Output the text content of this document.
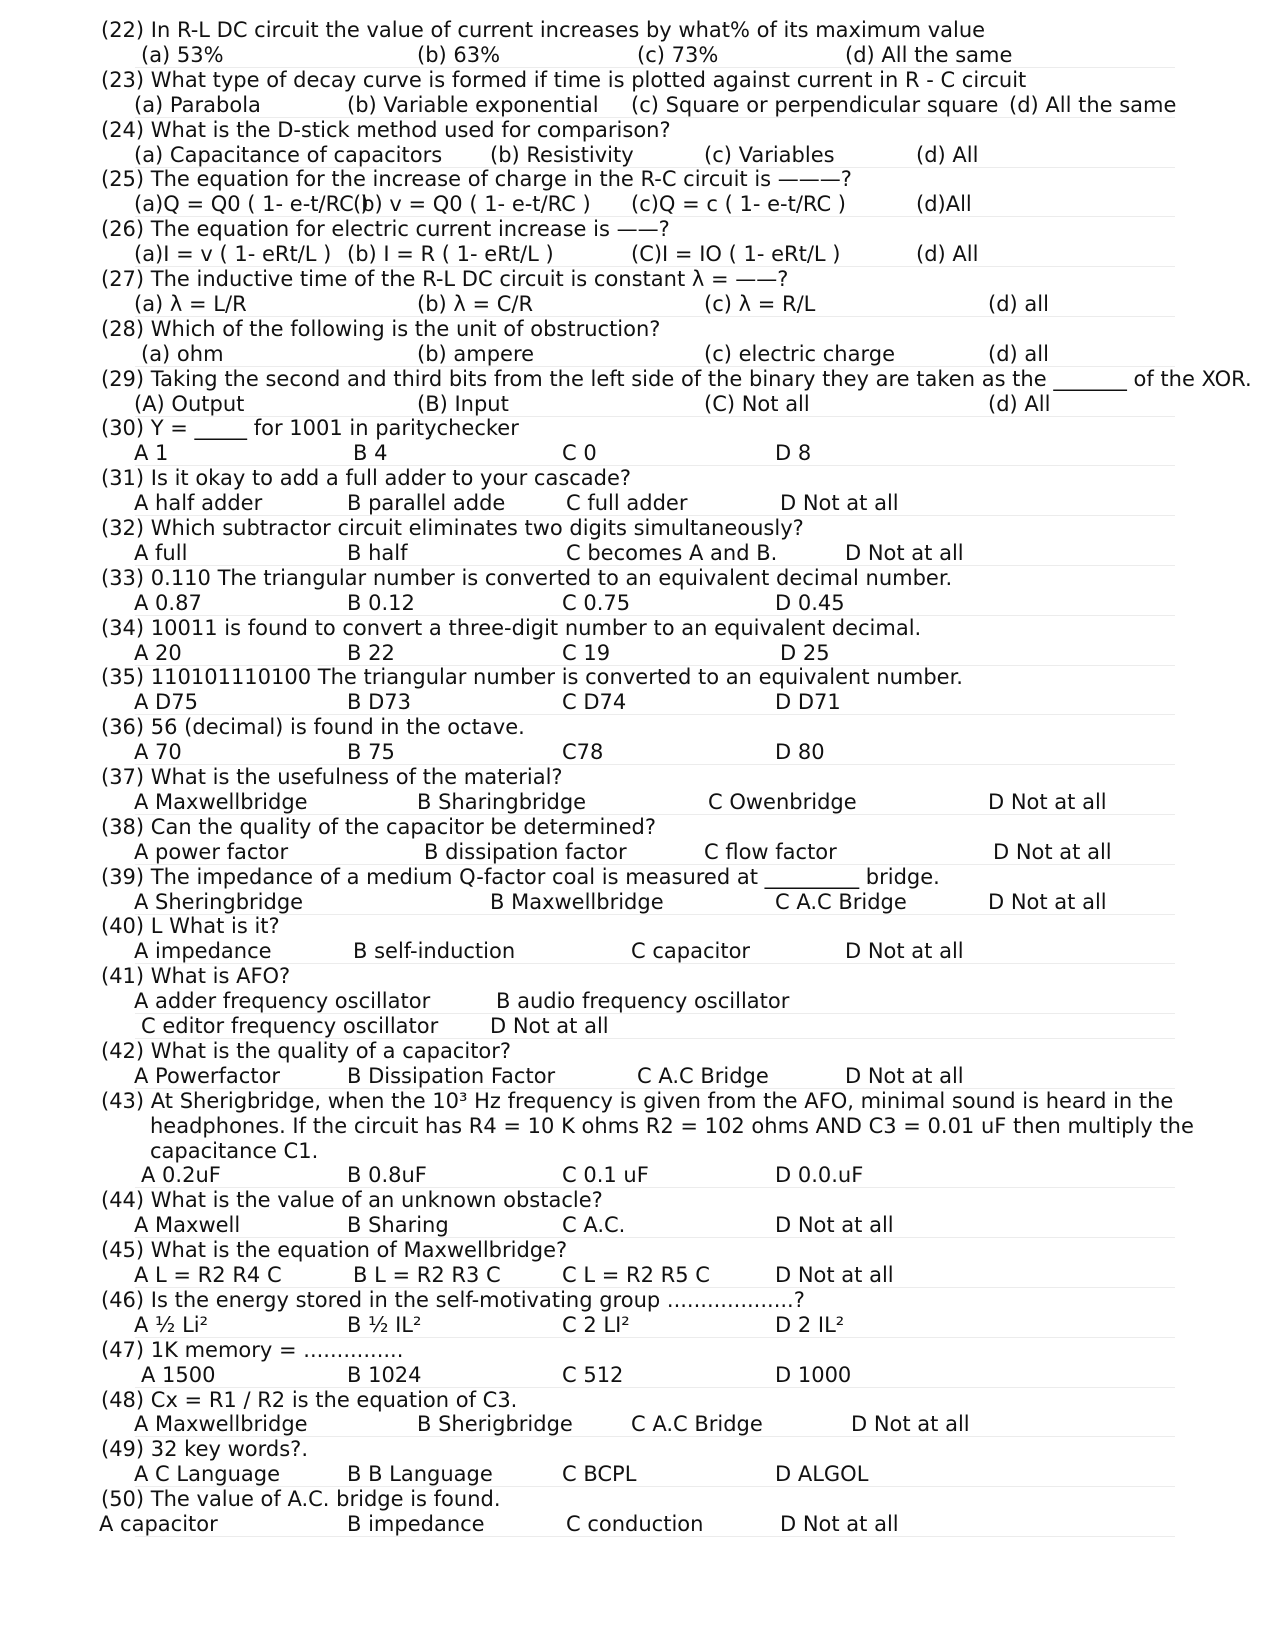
(22) In R-L DC circuit the value of current increases by what% of its maximum value
(a) 53%	(b) 63%	(c) 73%	(d) All the same
(23) What type of decay curve is formed if time is plotted against current in R - C circuit
(a) Parabola	(b) Variable exponential (c) Square or perpendicular square (d) All the same
(24) What is the D-stick method used for comparison?
(a) Capacitance of capacitors (b) Resistivity	(c) Variables	(d) All
(25) The equation for the increase of charge in the R-C circuit is ———?
(a)Q = Q0 ( 1- e-t/RC )
(b) v = Q0 ( 1- e-t/RC ) (c)Q = c ( 1- e-t/RC )	(d)All
(26) The equation for electric current increase is ——?
(a)I = v ( 1- eRt/L ) (b) I = R ( 1- eRt/L )	(C)I = IO ( 1- eRt/L )	(d) All
(27) The inductive time of the R-L DC circuit is constant λ = ——?
(a) λ = L/R	(b) λ = C/R	(c) λ = R/L	(d) all
(28) Which of the following is the unit of obstruction?
(a) ohm	(b) ampere	(c) electric charge	(d) all
(29) Taking the second and third bits from the left side of the binary they are taken as the _______ of the XOR.
(A) Output	(B) Input	(C) Not all	(d) All
(30) Y = _____ for 1001 in paritychecker
A 1	B 4	C 0	D 8
(31) Is it okay to add a full adder to your cascade?
A half adder	B parallel adde	C full adder	D Not at all
(32) Which subtractor circuit eliminates two digits simultaneously?
A full	B half	C becomes A and B.	D Not at all
(33) 0.110 The triangular number is converted to an equivalent decimal number.
A 0.87	B 0.12	C 0.75	D 0.45
(34) 10011 is found to convert a three-digit number to an equivalent decimal.
A 20	B 22	C 19	D 25
(35) 110101110100 The triangular number is converted to an equivalent number.
A D75	B D73	C D74	D D71
(36) 56 (decimal) is found in the octave.
A 70	B 75	C78	D 80
(37) What is the usefulness of the material?
A Maxwellbridge	B Sharingbridge	C Owenbridge	D Not at all
(38) Can the quality of the capacitor be determined?
A power factor	B dissipation factor	C flow factor	D Not at all
(39) The impedance of a medium Q-factor coal is measured at _________ bridge.
A Sheringbridge	B Maxwellbridge	C A.C Bridge	D Not at all
(40) L What is it?
A impedance	B self-induction	C capacitor	D Not at all
(41) What is AFO?
A adder frequency oscillator	B audio frequency oscillator
C editor frequency oscillator D Not at all
(42) What is the quality of a capacitor?
A Powerfactor	B Dissipation Factor	C A.C Bridge	D Not at all
(43) At Sherigbridge, when the 10³ Hz frequency is given from the AFO, minimal sound is heard in the
headphones. If the circuit has R4 = 10 K ohms R2 = 102 ohms AND C3 = 0.01 uF then multiply the
capacitance C1.
A 0.2uF	B 0.8uF	C 0.1 uF	D 0.0.uF
(44) What is the value of an unknown obstacle?
A Maxwell	B Sharing	C A.C.	D Not at all
(45) What is the equation of Maxwellbridge?
A L = R2 R4 C	B L = R2 R3 C	C L = R2 R5 C	D Not at all
(46) Is the energy stored in the self-motivating group ...................?
A ½ Li²	B ½ IL²	C 2 LI²	D 2 IL²
(47) 1K memory = ...............
A 1500	B 1024	C 512	D 1000
(48) Cx = R1 / R2 is the equation of C3.
A Maxwellbridge	B Sherigbridge	C A.C Bridge	D Not at all
(49) 32 key words?.
A C Language	B B Language	C BCPL	D ALGOL
(50) The value of A.C. bridge is found.
A capacitor	B impedance	C conduction	D Not at all
